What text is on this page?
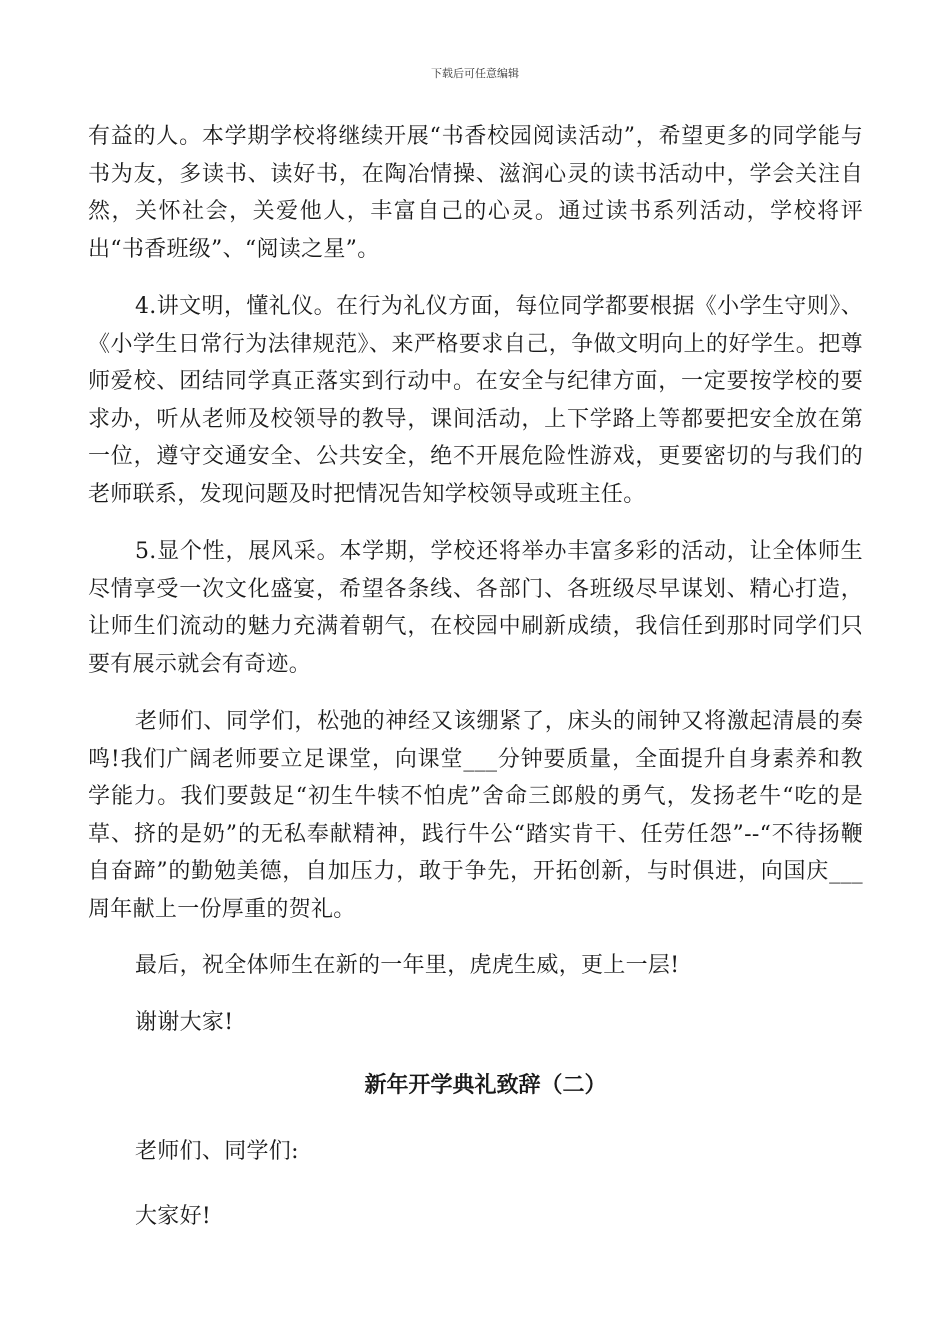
下载后可任意编辑

有益的人。本学期学校将继续开展“书香校园阅读活动”，希望更多的同学能与书为友，多读书、读好书，在陶冶情操、滋润心灵的读书活动中，学会关注自然，关怀社会，关爱他人，丰富自己的心灵。通过读书系列活动，学校将评出“书香班级”、“阅读之星”。

4.讲文明，懂礼仪。在行为礼仪方面，每位同学都要根据《小学生守则》、《小学生日常行为法律规范》、来严格要求自己，争做文明向上的好学生。把尊师爱校、团结同学真正落实到行动中。在安全与纪律方面，一定要按学校的要求办，听从老师及校领导的教导，课间活动，上下学路上等都要把安全放在第一位，遵守交通安全、公共安全，绝不开展危险性游戏，更要密切的与我们的老师联系，发现问题及时把情况告知学校领导或班主任。

5.显个性，展风采。本学期，学校还将举办丰富多彩的活动，让全体师生尽情享受一次文化盛宴，希望各条线、各部门、各班级尽早谋划、精心打造，让师生们流动的魅力充满着朝气，在校园中刷新成绩，我信任到那时同学们只要有展示就会有奇迹。

老师们、同学们，松弛的神经又该绷紧了，床头的闹钟又将激起清晨的奏鸣!我们广阔老师要立足课堂，向课堂___分钟要质量，全面提升自身素养和教学能力。我们要鼓足“初生牛犊不怕虎”舍命三郎般的勇气，发扬老牛“吃的是草、挤的是奶”的无私奉献精神，践行牛公“踏实肯干、任劳任怨”--“不待扬鞭自奋蹄”的勤勉美德，自加压力，敢于争先，开拓创新，与时俱进，向国庆___周年献上一份厚重的贺礼。

最后，祝全体师生在新的一年里，虎虎生威，更上一层!

谢谢大家!

新年开学典礼致辞（二）

老师们、同学们:

大家好!
